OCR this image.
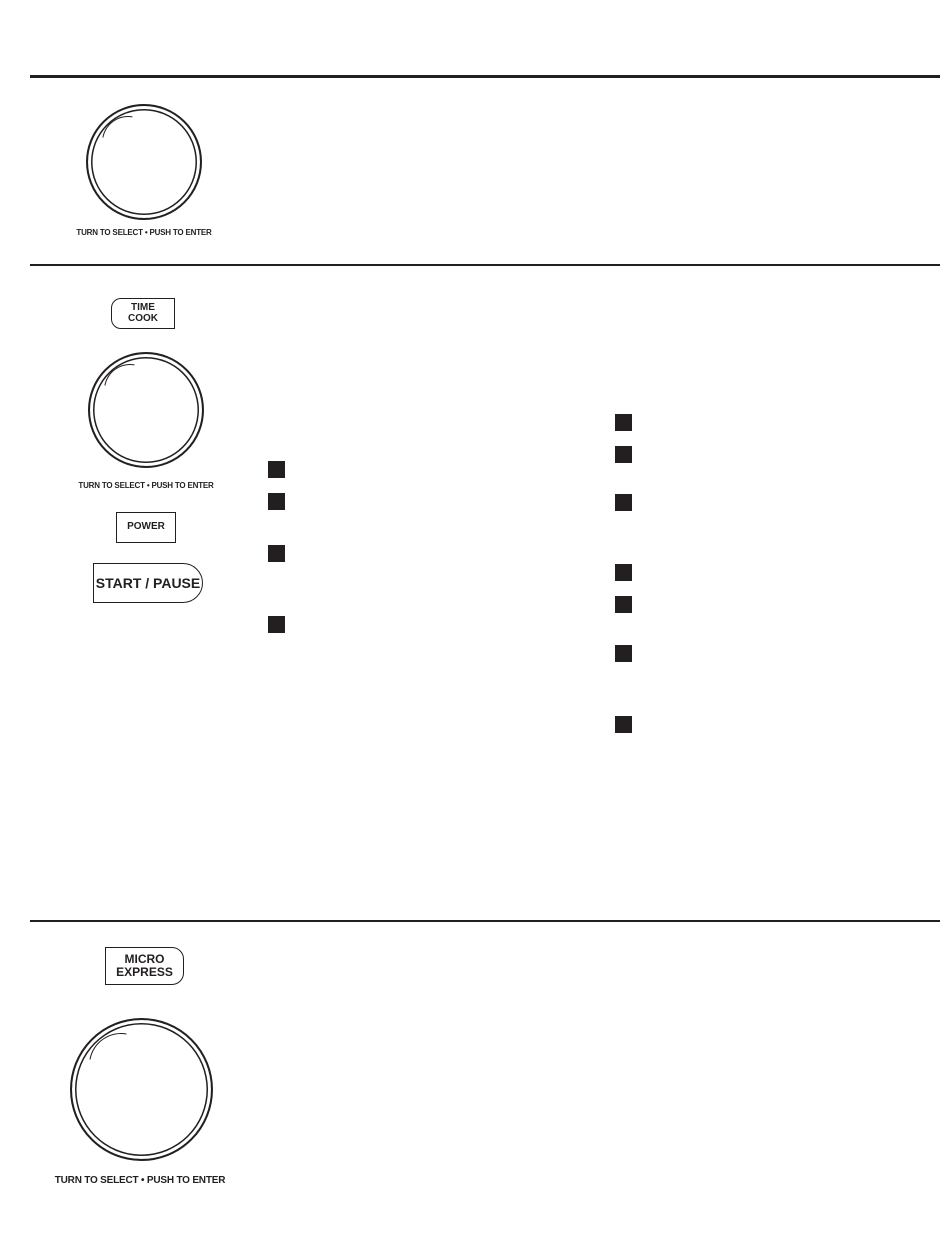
TURN TO SELECT • PUSH TO ENTER
TIME
COOK
TURN TO SELECT • PUSH TO ENTER
POWER
START / PAUSE
MICRO
EXPRESS
TURN TO SELECT • PUSH TO ENTER
